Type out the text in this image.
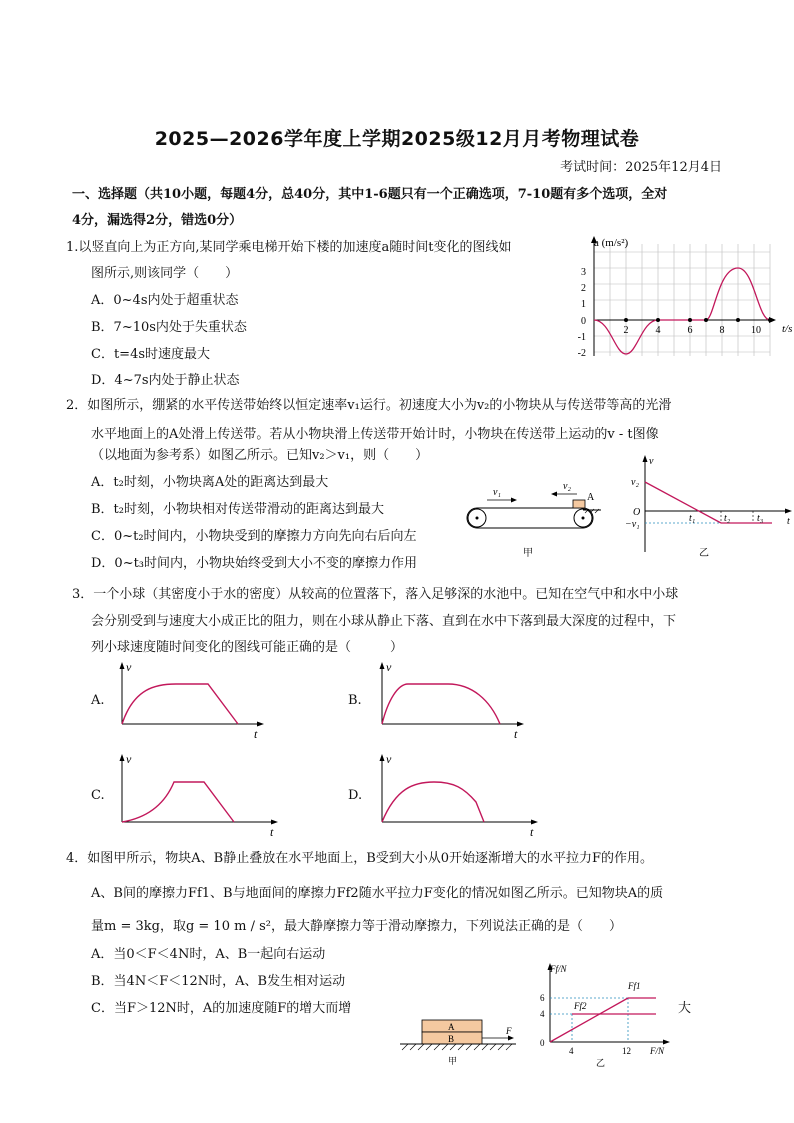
2025—2026学年度上学期2025级12月月考物理试卷
考试时间：2025年12月4日
一、选择题（共10小题，每题4分，总40分，其中1-6题只有一个正确选项，7-10题有多个选项，全对
4分，漏选得2分，错选0分）
1.以竖直向上为正方向,某同学乘电梯开始下楼的加速度a随时间t变化的图线如
图所示,则该同学（　　）
A．0~4s内处于超重状态
B．7~10s内处于失重状态
C．t=4s时速度最大
D．4~7s内处于静止状态
a (m/s²)
t/s
3
2
1
0
-1
-2
2	4	6	8	10
2．如图所示，绷紧的水平传送带始终以恒定速率v₁运行。初速度大小为v₂的小物块从与传送带等高的光滑
水平地面上的A处滑上传送带。若从小物块滑上传送带开始计时，小物块在传送带上运动的v - t图像
（以地面为参考系）如图乙所示。已知v₂＞v₁，则（　　）
A．t₂时刻，小物块离A处的距离达到最大
B．t₂时刻，小物块相对传送带滑动的距离达到最大
C．0~t₂时间内，小物块受到的摩擦力方向先向右后向左
D．0~t₃时间内，小物块始终受到大小不变的摩擦力作用
v₁
v₂
A
甲
v
v₂
O
−v₁	t
t₁	t₂	t₃
乙
3．一个小球（其密度小于水的密度）从较高的位置落下，落入足够深的水池中。已知在空气中和水中小球
会分别受到与速度大小成正比的阻力，则在小球从静止下落、直到在水中下落到最大深度的过程中，下
列小球速度随时间变化的图线可能正确的是（　　　）
A.
v
t
B.
v
t
C.
v
t
D.
v
t
4．如图甲所示，物块A、B静止叠放在水平地面上，B受到大小从0开始逐渐增大的水平拉力F的作用。
A、B间的摩擦力Ff1、B与地面间的摩擦力Ff2随水平拉力F变化的情况如图乙所示。已知物块A的质
量m = 3kg，取g = 10 m / s²，最大静摩擦力等于滑动摩擦力，下列说法正确的是（　　）
A．当0＜F＜4N时，A、B一起向右运动
B．当4N＜F＜12N时，A、B发生相对运动
C．当F＞12N时，A的加速度随F的增大而增	大
A
B
F
甲
Ff/N
F/N
Ff1
Ff2
6
4
0
4	12
乙
